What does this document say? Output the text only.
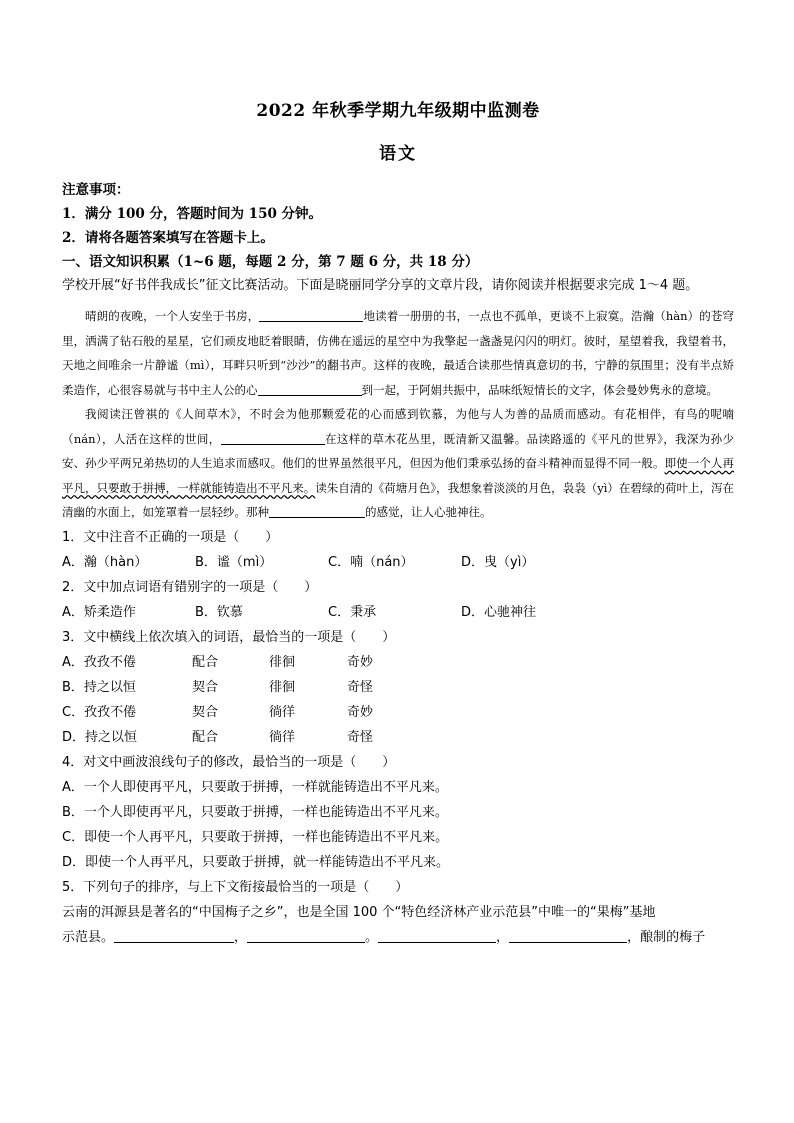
2022 年秋季学期九年级期中监测卷
语文

注意事项：

1．满分 100 分，答题时间为 150 分钟。

2．请将各题答案填写在答题卡上。

一、语文知识积累（1~6 题，每题 2 分，第 7 题 6 分，共 18 分）

学校开展“好书伴我成长”征文比赛活动。下面是晓丽同学分享的文章片段，请你阅读并根据要求完成 1～4 题。

晴朗的夜晚，一个人安坐于书房，	地读着一册册的书，一点也不孤单，更谈不上寂寞。浩瀚（hàn）的苍穹里，洒满了钻石般的星星，它们顽皮地眨着眼睛，仿佛在遥远的星空中为我擎起一盏盏晃闪闪的明灯。彼时，星望着我，我望着书，天地之间唯余一片静谧（mì），耳畔只听到“沙沙”的翻书声。这样的夜晚，最适合读那些情真意切的书，宁静的氛围里；没有半点矫柔造作，心很容易就与书中主人公的心	到一起，于阿娟共振中，品味纸短情长的文字，体会曼妙隽永的意境。

我阅读汪曾祺的《人间草木》，不时会为他那颗爱花的心而感到钦慕，为他与人为善的品质而感动。有花相伴，有鸟的呢喃（nán），人活在这样的世间，	在这样的草木花丛里，既清新又温馨。品读路遥的《平凡的世界》，我深为孙少安、孙少平两兄弟热切的人生追求而感叹。他们的世界虽然很平凡，但因为他们秉承弘扬的奋斗精神而显得不同一般。即使一个人再平凡，只要敢于拼搏，一样就能铸造出不平凡来。读朱自清的《荷塘月色》，我想象着淡淡的月色，袅袅（yì）在碧绿的荷叶上，泻在清幽的水面上，如笼罩着一层轻纱。那种	的感觉，让人心驰神往。

1．文中注音不正确的一项是（　　）

A．瀚（hàn）	B．谧（mì）	C．喃（nán）	D．曳（yì）

2．文中加点词语有错别字的一项是（　　）

A．矫柔造作	B．钦慕	C．秉承	D．心驰神往

3．文中横线上依次填入的词语，最恰当的一项是（　　）

A．孜孜不倦	配合	徘徊	奇妙
B．持之以恒	契合	徘徊	奇怪
C．孜孜不倦	契合	徜徉	奇妙
D．持之以恒	配合	徜徉	奇怪

4．对文中画波浪线句子的修改，最恰当的一项是（　　）

A．一个人即使再平凡，只要敢于拼搏，一样就能铸造出不平凡来。

B．一个人即使再平凡，只要敢于拼搏，一样也能铸造出不平凡来。

C．即使一个人再平凡，只要敢于拼搏，一样也能铸造出不平凡来。

D．即使一个人再平凡，只要敢于拼搏，就一样能铸造出不平凡来。

5．下列句子的排序，与上下文衔接最恰当的一项是（　　）

云南的洱源县是著名的“中国梅子之乡”，也是全国 100 个“特色经济林产业示范县”中唯一的“果梅”基地

示范县。	，	。	，	，酿制的梅子
